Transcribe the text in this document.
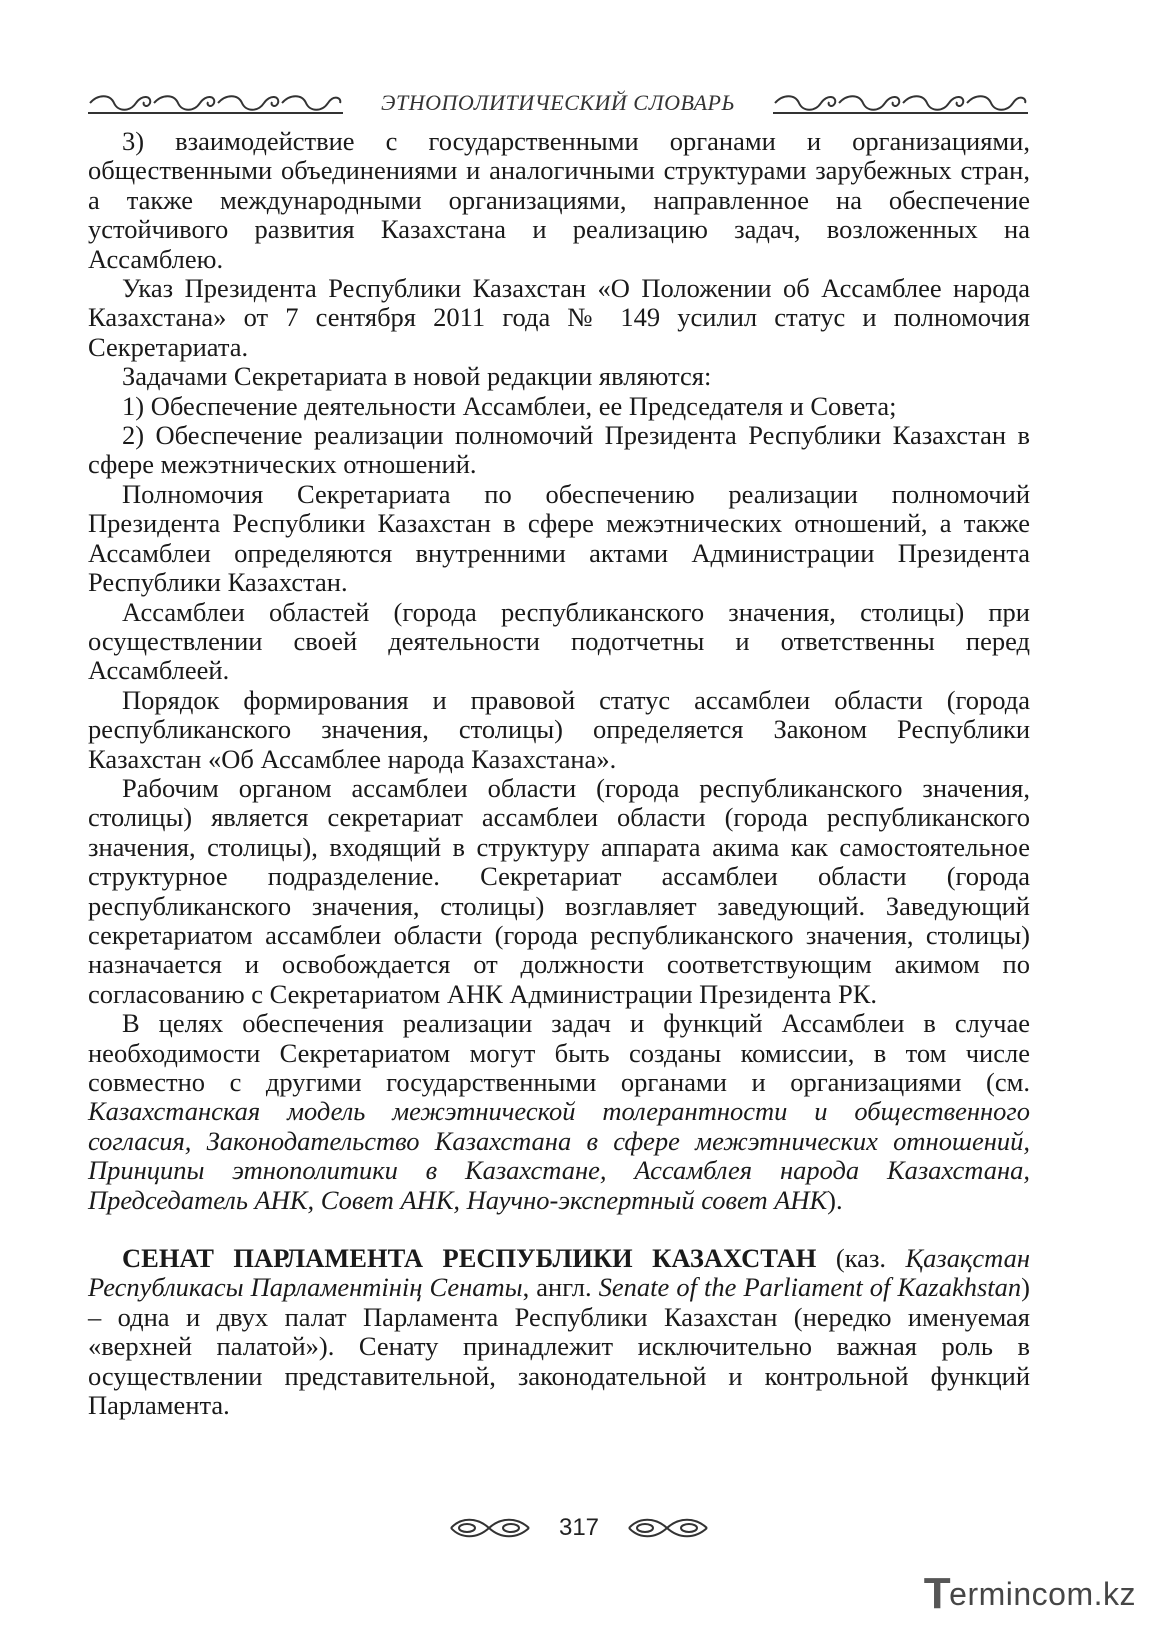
ЭТНОПОЛИТИЧЕСКИЙ СЛОВАРЬ

3) взаимодействие с государственными органами и организациями, общественными объединениями и аналогичными структурами зарубежных стран, а также международными организациями, направленное на обеспечение устойчивого развития Казахстана и реализацию задач, возложенных на Ассамблею.

Указ Президента Республики Казахстан «О Положении об Ассамблее народа Казахстана» от 7 сентября 2011 года № 149 усилил статус и полномочия Секретариата.

Задачами Секретариата в новой редакции являются:

1) Обеспечение деятельности Ассамблеи, ее Председателя и Совета;

2) Обеспечение реализации полномочий Президента Республики Казахстан в сфере межэтнических отношений.

Полномочия Секретариата по обеспечению реализации полномочий Президента Республики Казахстан в сфере межэтнических отношений, а также Ассамблеи определяются внутренними актами Администрации Президента Республики Казахстан.

Ассамблеи областей (города республиканского значения, столицы) при осуществлении своей деятельности подотчетны и ответственны перед Ассамблеей.

Порядок формирования и правовой статус ассамблеи области (города республиканского значения, столицы) определяется Законом Республики Казахстан «Об Ассамблее народа Казахстана».

Рабочим органом ассамблеи области (города республиканского значения, столицы) является секретариат ассамблеи области (города республиканского значения, столицы), входящий в структуру аппарата акима как самостоятельное структурное подразделение. Секретариат ассамблеи области (города республиканского значения, столицы) возглавляет заведующий. Заведующий секретариатом ассамблеи области (города республиканского значения, столицы) назначается и освобождается от должности соответствующим акимом по согласованию с Секретариатом АНК Администрации Президента РК.

В целях обеспечения реализации задач и функций Ассамблеи в случае необходимости Секретариатом могут быть созданы комиссии, в том числе совместно с другими государственными органами и организациями (см. Казахстанская модель межэтнической толерантности и общественного согласия, Законодательство Казахстана в сфере межэтнических отношений, Принципы этнополитики в Казахстане, Ассамблея народа Казахстана, Председатель АНК, Совет АНК, Научно-экспертный совет АНК).

СЕНАТ ПАРЛАМЕНТА РЕСПУБЛИКИ КАЗАХСТАН (каз. Қазақстан Республикасы Парламентінің Сенаты, англ. Senate of the Parliament of Kazakhstan) – одна и двух палат Парламента Республики Казахстан (нередко именуемая «верхней палатой»). Сенату принадлежит исключительно важная роль в осуществлении представительной, законодательной и контрольной функций Парламента.

317
T
ermincom.kz
